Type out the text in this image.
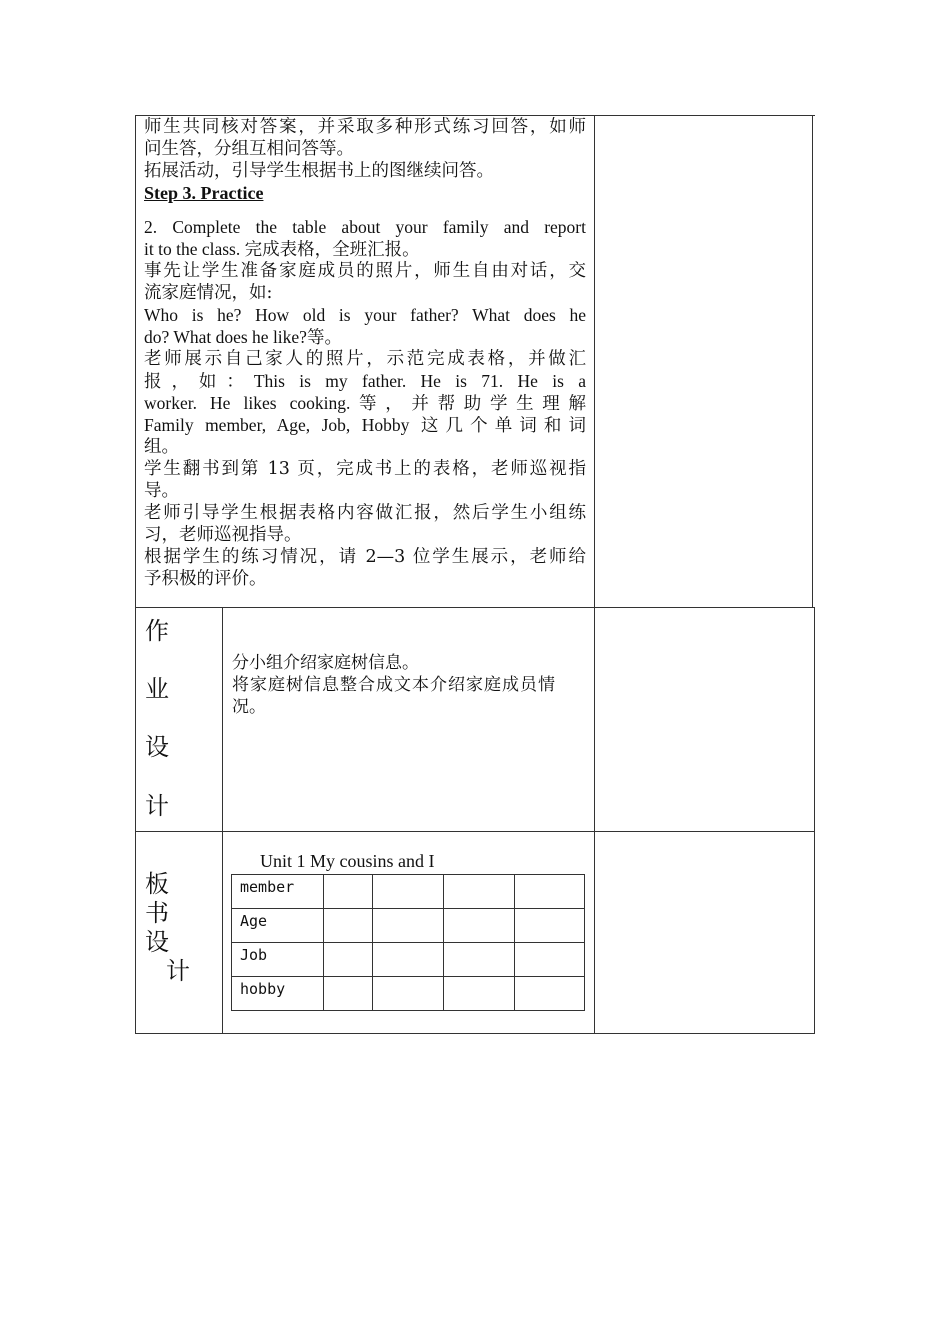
师生共同核对答案，并采取多种形式练习回答，如师

问生答，分组互相问答等。

拓展活动，引导学生根据书上的图继续问答。

Step 3. Practice

2. Complete the table about your family and report

it to the class. 完成表格，全班汇报。

事先让学生准备家庭成员的照片，师生自由对话，交

流家庭情况，如:

Who is he? How old is your father? What does he

do? What does he like?等。

老师展示自己家人的照片，示范完成表格，并做汇

报，如：This is my father. He is 71. He is a

worker. He likes cooking.等，并帮助学生理解

Family member, Age, Job, Hobby 这几个单词和词

组。

学生翻书到第 13 页，完成书上的表格，老师巡视指

导。

老师引导学生根据表格内容做汇报，然后学生小组练

习，老师巡视指导。

根据学生的练习情况，请 2—3 位学生展示，老师给

予积极的评价。

作
业
设
计
分小组介绍家庭树信息。
将家庭树信息整合成文本介绍家庭成员情
况。
板
书
设
计
Unit 1 My cousins and I
member				
Age				
Job				
hobby				
